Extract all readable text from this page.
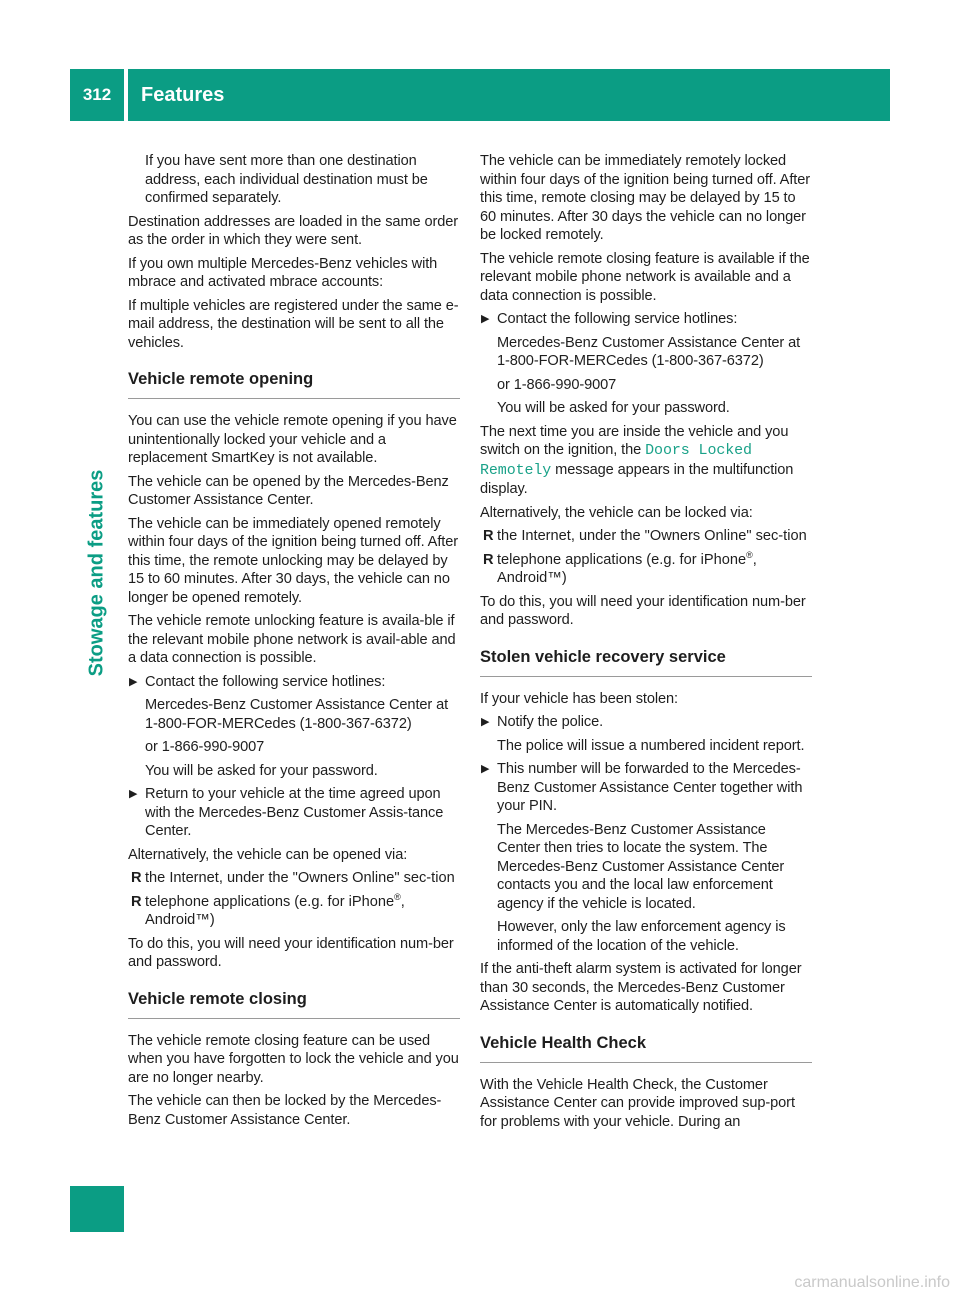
312	Features
Stowage and features

If you have sent more than one destination address, each individual destination must be confirmed separately.

Destination addresses are loaded in the same order as the order in which they were sent.

If you own multiple Mercedes-Benz vehicles with mbrace and activated mbrace accounts:

If multiple vehicles are registered under the same e-mail address, the destination will be sent to all the vehicles.

Vehicle remote opening

You can use the vehicle remote opening if you have unintentionally locked your vehicle and a replacement SmartKey is not available.

The vehicle can be opened by the Mercedes-Benz Customer Assistance Center.

The vehicle can be immediately opened remotely within four days of the ignition being turned off. After this time, the remote unlocking may be delayed by 15 to 60 minutes. After 30 days, the vehicle can no longer be opened remotely.

The vehicle remote unlocking feature is availa-ble if the relevant mobile phone network is avail-able and a data connection is possible.

▶ Contact the following service hotlines:

Mercedes-Benz Customer Assistance Center at 1-800-FOR-MERCedes (1-800-367-6372)

or 1-866-990-9007

You will be asked for your password.

▶ Return to your vehicle at the time agreed upon with the Mercedes-Benz Customer Assis-tance Center.

Alternatively, the vehicle can be opened via:

R the Internet, under the "Owners Online" sec-tion
R telephone applications (e.g. for iPhone®, Android™)

To do this, you will need your identification num-ber and password.

Vehicle remote closing

The vehicle remote closing feature can be used when you have forgotten to lock the vehicle and you are no longer nearby.

The vehicle can then be locked by the Mercedes-Benz Customer Assistance Center.

The vehicle can be immediately remotely locked within four days of the ignition being turned off. After this time, remote closing may be delayed by 15 to 60 minutes. After 30 days the vehicle can no longer be locked remotely.

The vehicle remote closing feature is available if the relevant mobile phone network is available and a data connection is possible.

▶ Contact the following service hotlines:

Mercedes-Benz Customer Assistance Center at 1-800-FOR-MERCedes (1-800-367-6372)

or 1-866-990-9007

You will be asked for your password.

The next time you are inside the vehicle and you switch on the ignition, the Doors Locked Remotely message appears in the multifunction display.

Alternatively, the vehicle can be locked via:

R the Internet, under the "Owners Online" sec-tion
R telephone applications (e.g. for iPhone®, Android™)

To do this, you will need your identification num-ber and password.

Stolen vehicle recovery service

If your vehicle has been stolen:

▶ Notify the police.

The police will issue a numbered incident report.

▶ This number will be forwarded to the Mercedes-Benz Customer Assistance Center together with your PIN.

The Mercedes-Benz Customer Assistance Center then tries to locate the system. The Mercedes-Benz Customer Assistance Center contacts you and the local law enforcement agency if the vehicle is located.

However, only the law enforcement agency is informed of the location of the vehicle.

If the anti-theft alarm system is activated for longer than 30 seconds, the Mercedes-Benz Customer Assistance Center is automatically notified.

Vehicle Health Check

With the Vehicle Health Check, the Customer Assistance Center can provide improved sup-port for problems with your vehicle. During an

carmanualsonline.info
